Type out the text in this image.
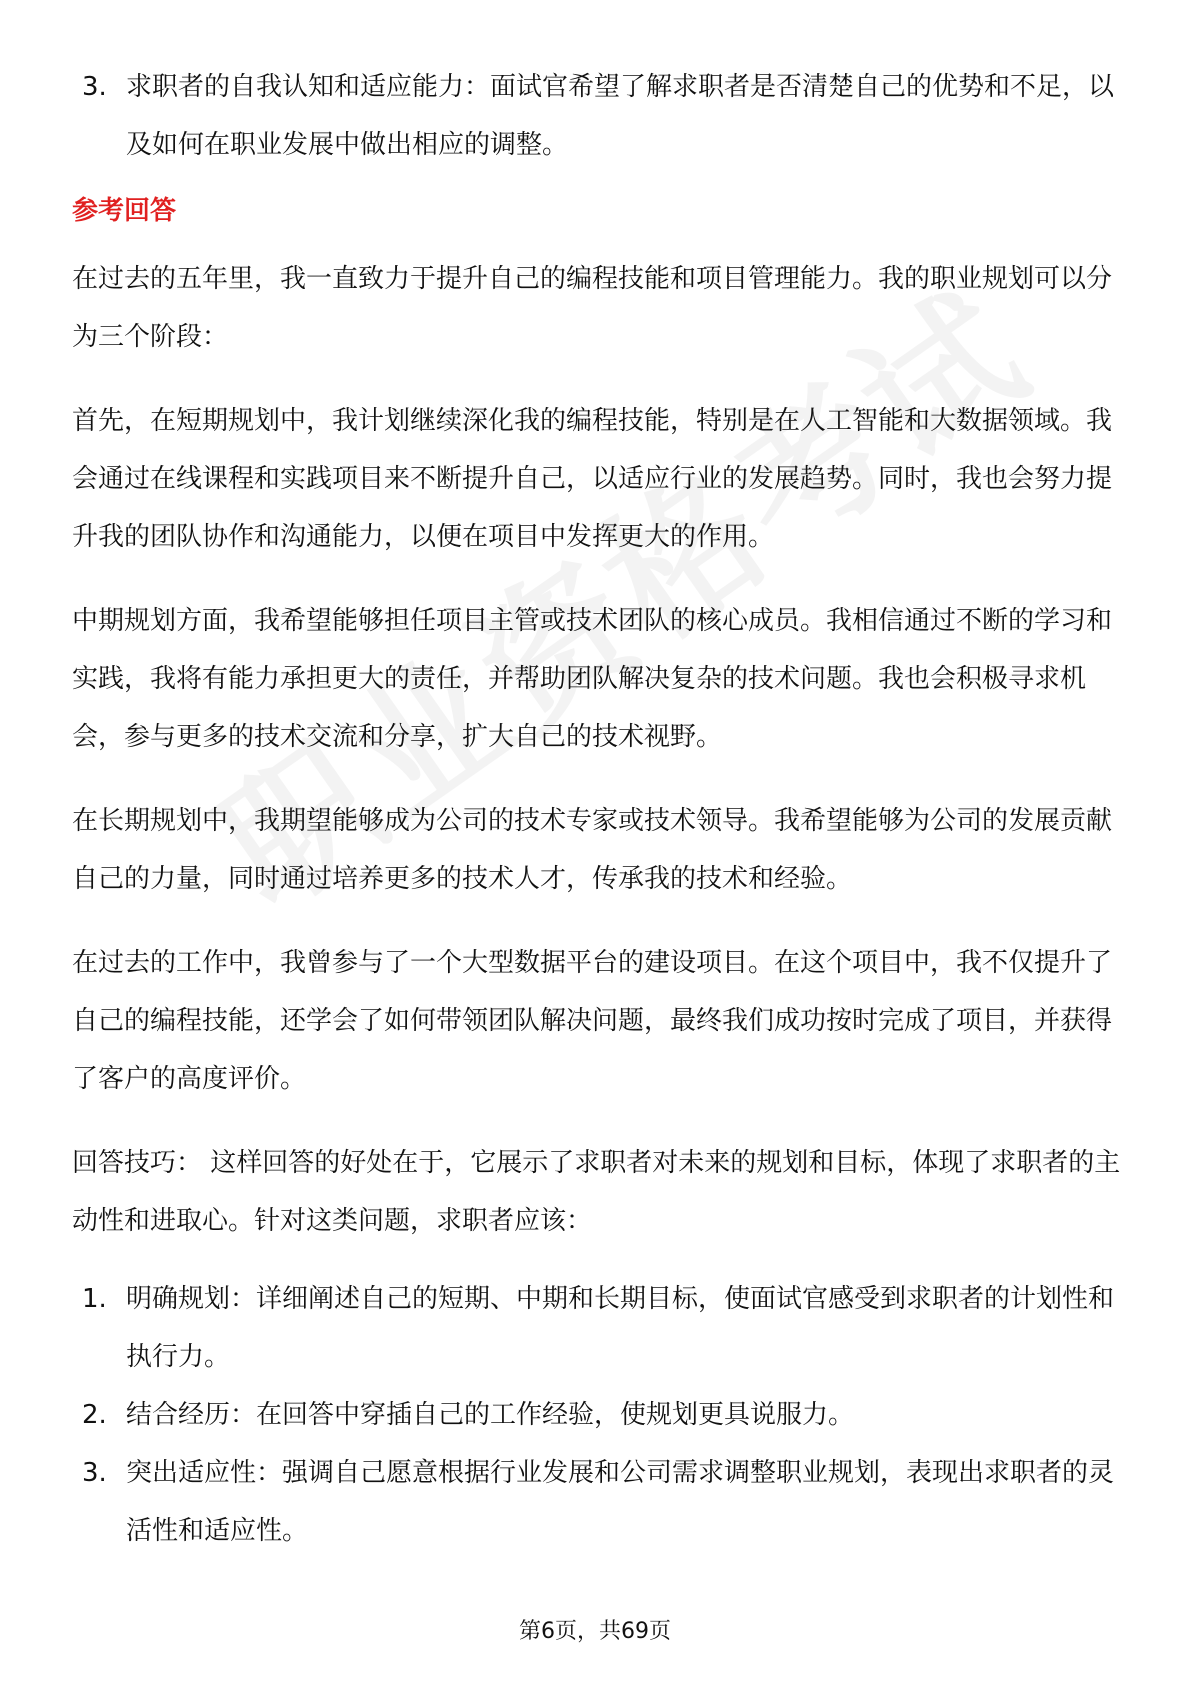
3. 求职者的自我认知和适应能力：面试官希望了解求职者是否清楚自己的优势和不足，以及如何在职业发展中做出相应的调整。
参考回答

在过去的五年里，我一直致力于提升自己的编程技能和项目管理能力。我的职业规划可以分为三个阶段：

首先，在短期规划中，我计划继续深化我的编程技能，特别是在人工智能和大数据领域。我会通过在线课程和实践项目来不断提升自己，以适应行业的发展趋势。同时，我也会努力提升我的团队协作和沟通能力，以便在项目中发挥更大的作用。

中期规划方面，我希望能够担任项目主管或技术团队的核心成员。我相信通过不断的学习和实践，我将有能力承担更大的责任，并帮助团队解决复杂的技术问题。我也会积极寻求机会，参与更多的技术交流和分享，扩大自己的技术视野。

在长期规划中，我期望能够成为公司的技术专家或技术领导。我希望能够为公司的发展贡献自己的力量，同时通过培养更多的技术人才，传承我的技术和经验。

在过去的工作中，我曾参与了一个大型数据平台的建设项目。在这个项目中，我不仅提升了自己的编程技能，还学会了如何带领团队解决问题，最终我们成功按时完成了项目，并获得了客户的高度评价。

回答技巧： 这样回答的好处在于，它展示了求职者对未来的规划和目标，体现了求职者的主动性和进取心。针对这类问题，求职者应该：

1. 明确规划：详细阐述自己的短期、中期和长期目标，使面试官感受到求职者的计划性和执行力。
2. 结合经历：在回答中穿插自己的工作经验，使规划更具说服力。
3. 突出适应性：强调自己愿意根据行业发展和公司需求调整职业规划，表现出求职者的灵活性和适应性。
第6页，共69页
